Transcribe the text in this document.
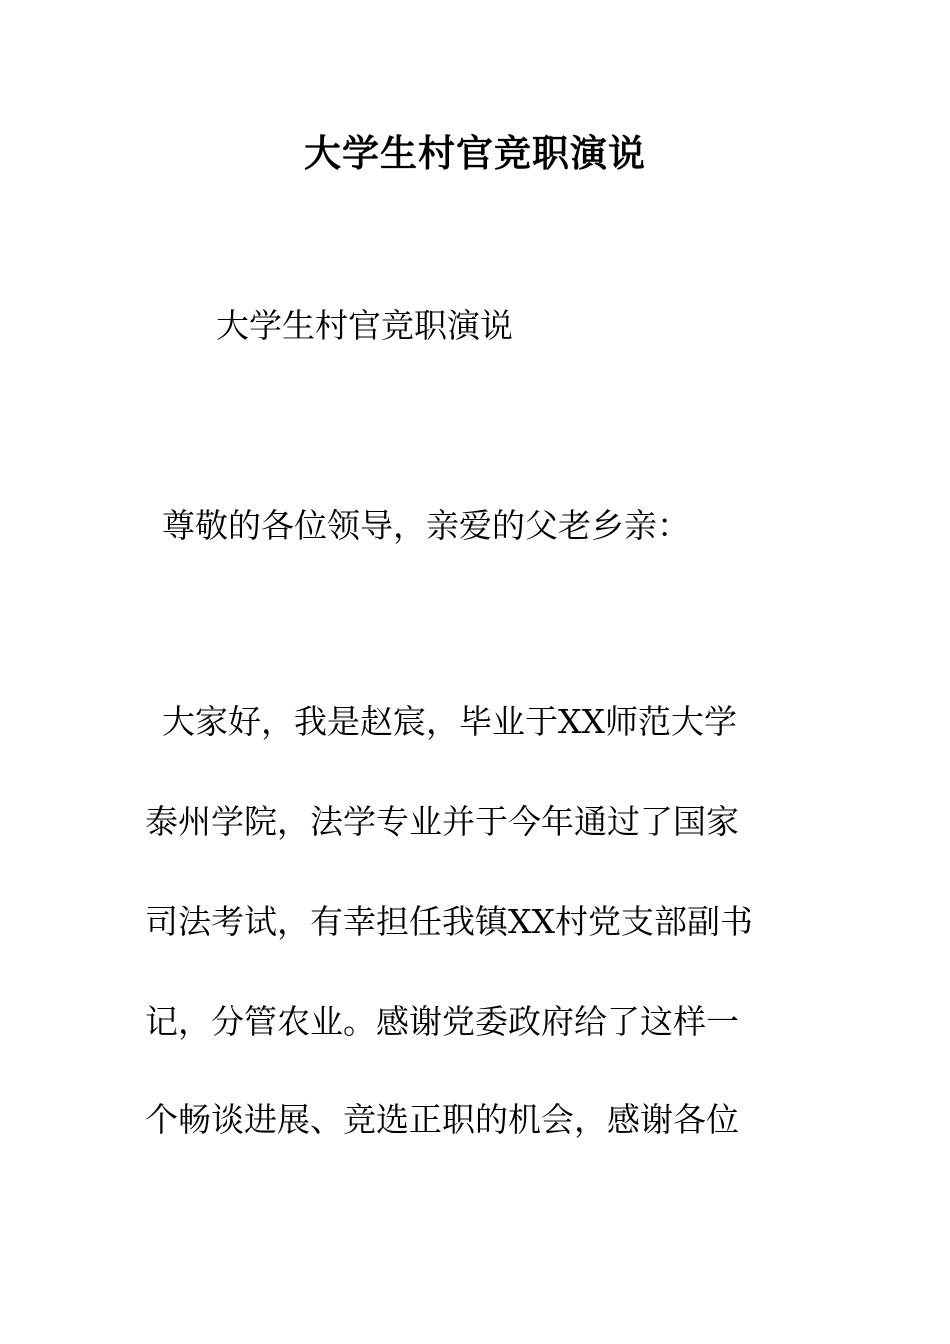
大学生村官竞职演说
大学生村官竞职演说
尊敬的各位领导，亲爱的父老乡亲：
大家好，我是赵宸，毕业于XX师范大学
泰州学院，法学专业并于今年通过了国家
司法考试，有幸担任我镇XX村党支部副书
记，分管农业。感谢党委政府给了这样一
个畅谈进展、竞选正职的机会，感谢各位
